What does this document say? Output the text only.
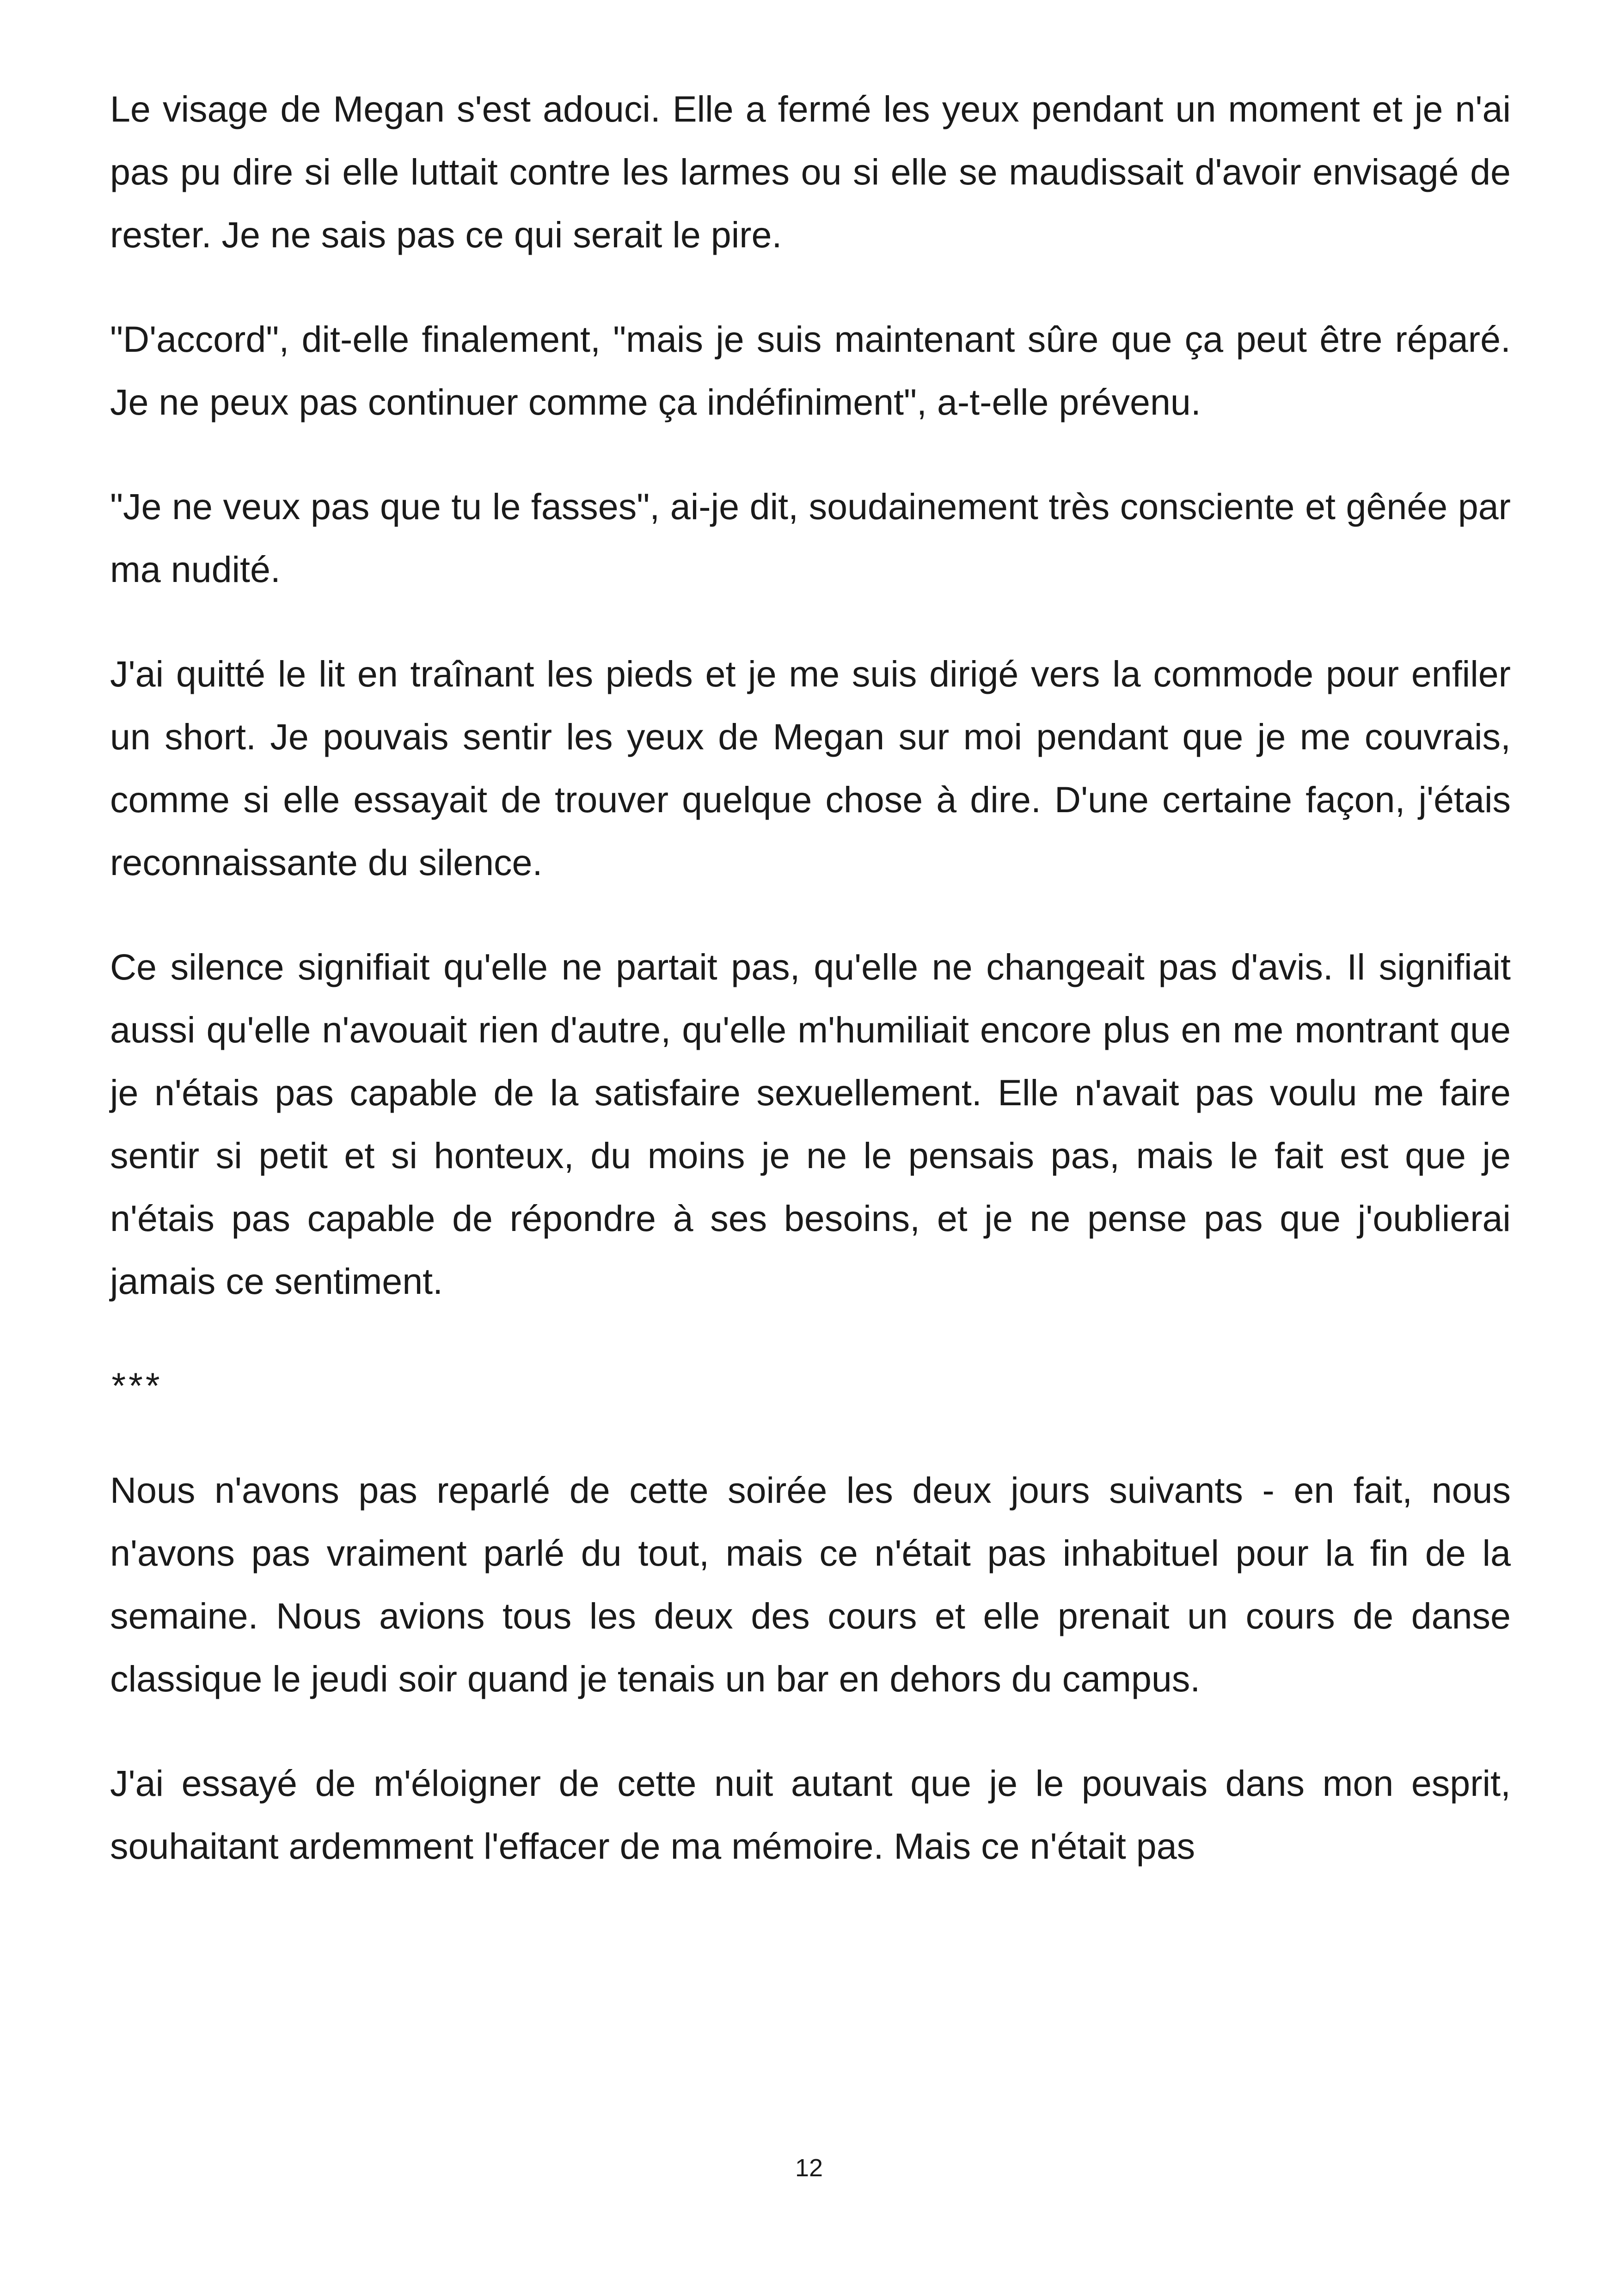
Le visage de Megan s'est adouci. Elle a fermé les yeux pendant un moment et je n'ai pas pu dire si elle luttait contre les larmes ou si elle se maudissait d'avoir envisagé de rester. Je ne sais pas ce qui serait le pire.

"D'accord", dit-elle finalement, "mais je suis maintenant sûre que ça peut être réparé. Je ne peux pas continuer comme ça indéfiniment", a-t-elle prévenu.

"Je ne veux pas que tu le fasses", ai-je dit, soudainement très consciente et gênée par ma nudité.

J'ai quitté le lit en traînant les pieds et je me suis dirigé vers la commode pour enfiler un short. Je pouvais sentir les yeux de Megan sur moi pendant que je me couvrais, comme si elle essayait de trouver quelque chose à dire. D'une certaine façon, j'étais reconnaissante du silence.

Ce silence signifiait qu'elle ne partait pas, qu'elle ne changeait pas d'avis. Il signifiait aussi qu'elle n'avouait rien d'autre, qu'elle m'humiliait encore plus en me montrant que je n'étais pas capable de la satisfaire sexuellement. Elle n'avait pas voulu me faire sentir si petit et si honteux, du moins je ne le pensais pas, mais le fait est que je n'étais pas capable de répondre à ses besoins, et je ne pense pas que j'oublierai jamais ce sentiment.

***

Nous n'avons pas reparlé de cette soirée les deux jours suivants - en fait, nous n'avons pas vraiment parlé du tout, mais ce n'était pas inhabituel pour la fin de la semaine. Nous avions tous les deux des cours et elle prenait un cours de danse classique le jeudi soir quand je tenais un bar en dehors du campus.

J'ai essayé de m'éloigner de cette nuit autant que je le pouvais dans mon esprit, souhaitant ardemment l'effacer de ma mémoire. Mais ce n'était pas

12
